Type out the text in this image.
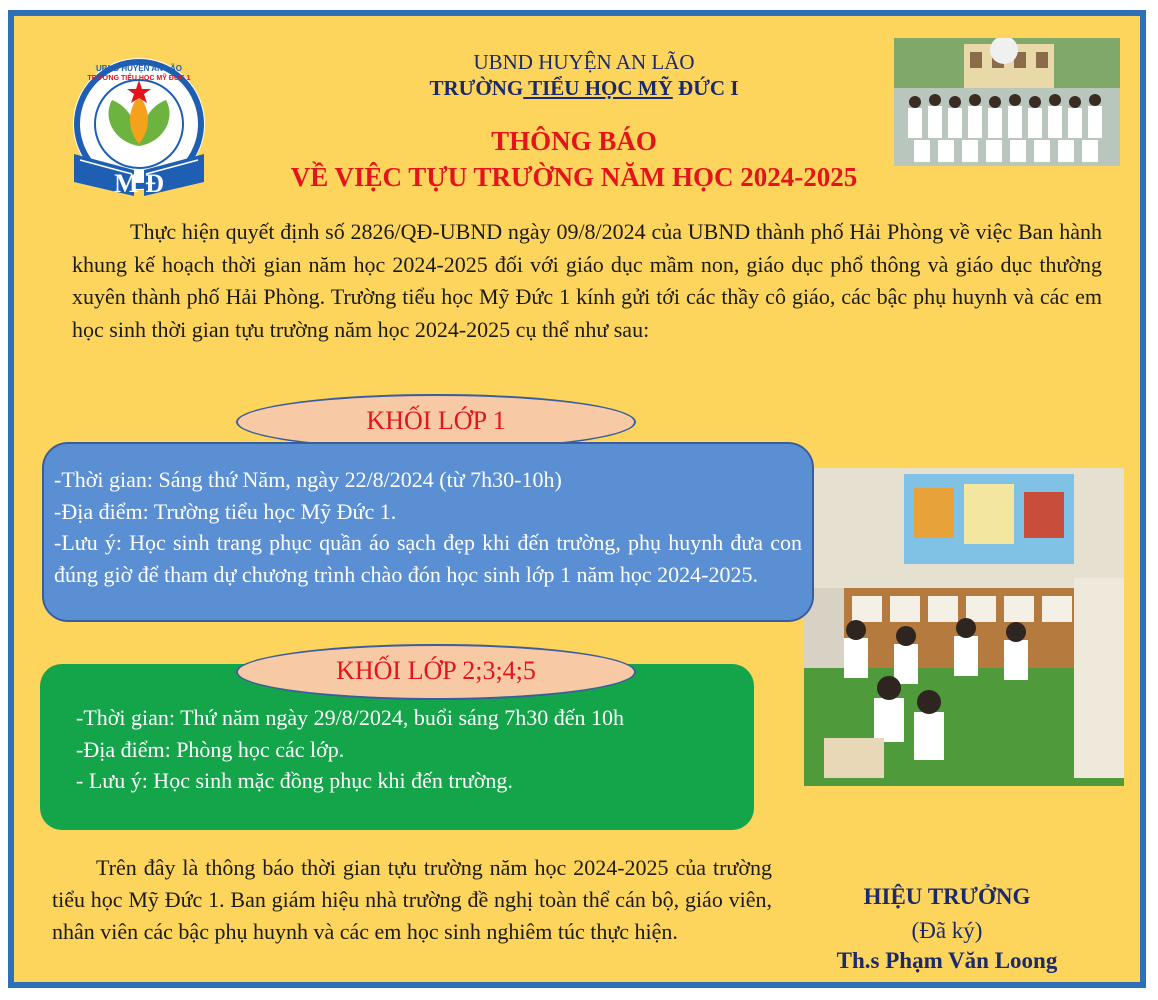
M Đ
UBND HUYỆN AN LÃO
TRƯỜNG TIỂU HỌC MỸ ĐỨC 1
UBND HUYỆN AN LÃO
TRƯỜNG TIỂU HỌC MỸ ĐỨC I
THÔNG BÁO
VỀ VIỆC TỰU TRƯỜNG NĂM HỌC 2024-2025
Thực hiện quyết định số 2826/QĐ-UBND ngày 09/8/2024 của UBND thành phố Hải Phòng về việc Ban hành khung kế hoạch thời gian năm học 2024-2025 đối với giáo dục mầm non, giáo dục phổ thông và giáo dục thường xuyên thành phố Hải Phòng. Trường tiểu học Mỹ Đức 1 kính gửi tới các thầy cô giáo, các bậc phụ huynh và các em học sinh thời gian tựu trường năm học 2024-2025 cụ thể như sau:
KHỐI LỚP 1
-Thời gian: Sáng thứ Năm, ngày 22/8/2024 (từ 7h30-10h)
-Địa điểm: Trường tiểu học Mỹ Đức 1.
-Lưu ý: Học sinh trang phục quần áo sạch đẹp khi đến trường, phụ huynh đưa con đúng giờ để tham dự chương trình chào đón học sinh lớp 1 năm học 2024-2025.
KHỐI LỚP 2;3;4;5
-Thời gian: Thứ năm ngày 29/8/2024, buổi sáng 7h30 đến 10h
-Địa điểm: Phòng học các lớp.
- Lưu ý: Học sinh mặc đồng phục khi đến trường.
Trên đây là thông báo thời gian tựu trường năm học 2024-2025 của trường tiểu học Mỹ Đức 1. Ban giám hiệu nhà trường đề nghị toàn thể cán bộ, giáo viên, nhân viên các bậc phụ huynh và các em học sinh nghiêm túc thực hiện.
HIỆU TRƯỞNG
(Đã ký)
Th.s Phạm Văn Loong
